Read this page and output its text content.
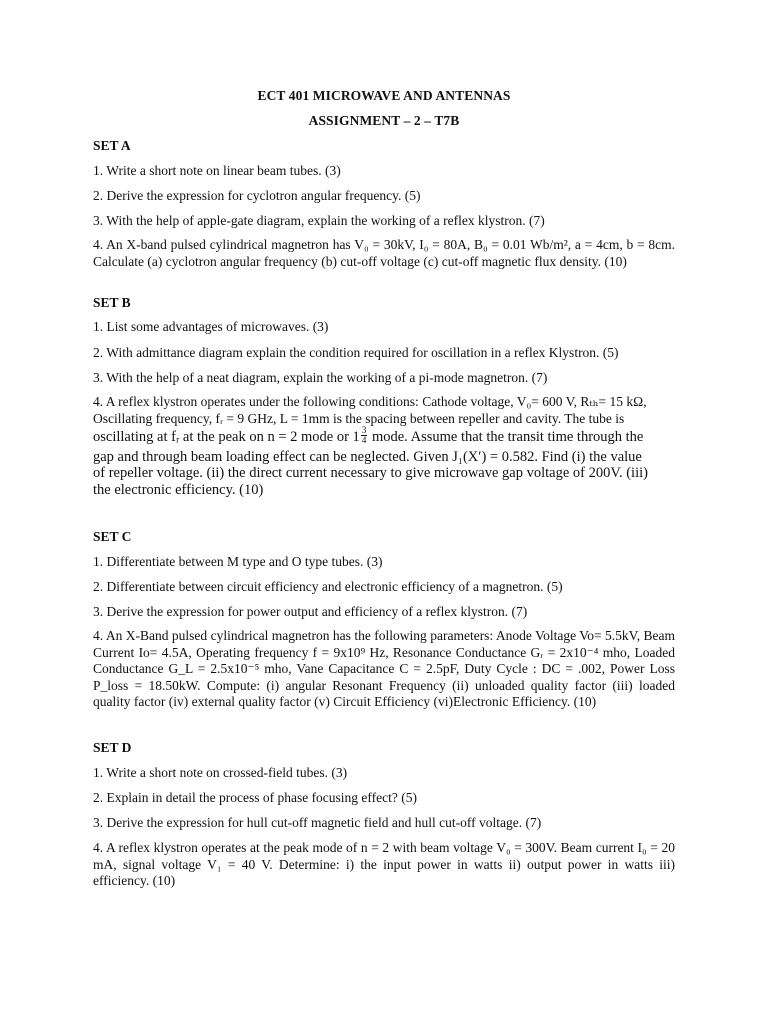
ECT 401 MICROWAVE AND ANTENNAS
ASSIGNMENT – 2 – T7B
SET A
1. Write a short note on linear beam tubes. (3)
2. Derive the expression for cyclotron angular frequency. (5)
3. With the help of apple-gate diagram, explain the working of a reflex klystron. (7)
4. An X-band pulsed cylindrical magnetron has V₀ = 30kV, I₀ = 80A, B₀ = 0.01 Wb/m², a = 4cm, b = 8cm. Calculate (a) cyclotron angular frequency (b) cut-off voltage (c) cut-off magnetic flux density. (10)
SET B
1. List some advantages of microwaves. (3)
2. With admittance diagram explain the condition required for oscillation in a reflex Klystron. (5)
3. With the help of a neat diagram, explain the working of a pi-mode magnetron. (7)
4. A reflex klystron operates under the following conditions: Cathode voltage, V₀= 600 V, Rₜₕ= 15 kΩ,
Oscillating frequency, fᵣ = 9 GHz, L = 1mm is the spacing between repeller and cavity. The tube is
oscillating at fᵣ at the peak on n = 2 mode or $1 \frac{3}{4}$ mode. Assume that the transit time through the
gap and through beam loading effect can be neglected. Given J₁(X′) = 0.582. Find (i) the value
of repeller voltage. (ii) the direct current necessary to give microwave gap voltage of 200V. (iii)
the electronic efficiency. (10)
SET C
1. Differentiate between M type and O type tubes. (3)
2. Differentiate between circuit efficiency and electronic efficiency of a magnetron. (5)
3. Derive the expression for power output and efficiency of a reflex klystron. (7)
4. An X-Band pulsed cylindrical magnetron has the following parameters: Anode Voltage Vo= 5.5kV, Beam Current Io= 4.5A, Operating frequency f = 9x10⁹ Hz, Resonance Conductance Gᵣ = 2x10⁻⁴ mho, Loaded Conductance G_L = 2.5x10⁻⁵ mho, Vane Capacitance C = 2.5pF, Duty Cycle : DC = .002, Power Loss P_loss = 18.50kW. Compute: (i) angular Resonant Frequency (ii) unloaded quality factor (iii) loaded quality factor (iv) external quality factor (v) Circuit Efficiency (vi)Electronic Efficiency. (10)
SET D
1. Write a short note on crossed-field tubes. (3)
2. Explain in detail the process of phase focusing effect? (5)
3. Derive the expression for hull cut-off magnetic field and hull cut-off voltage. (7)
4. A reflex klystron operates at the peak mode of n = 2 with beam voltage V₀ = 300V. Beam current I₀ = 20 mA, signal voltage V₁ = 40 V. Determine: i) the input power in watts ii) output power in watts iii) efficiency. (10)
